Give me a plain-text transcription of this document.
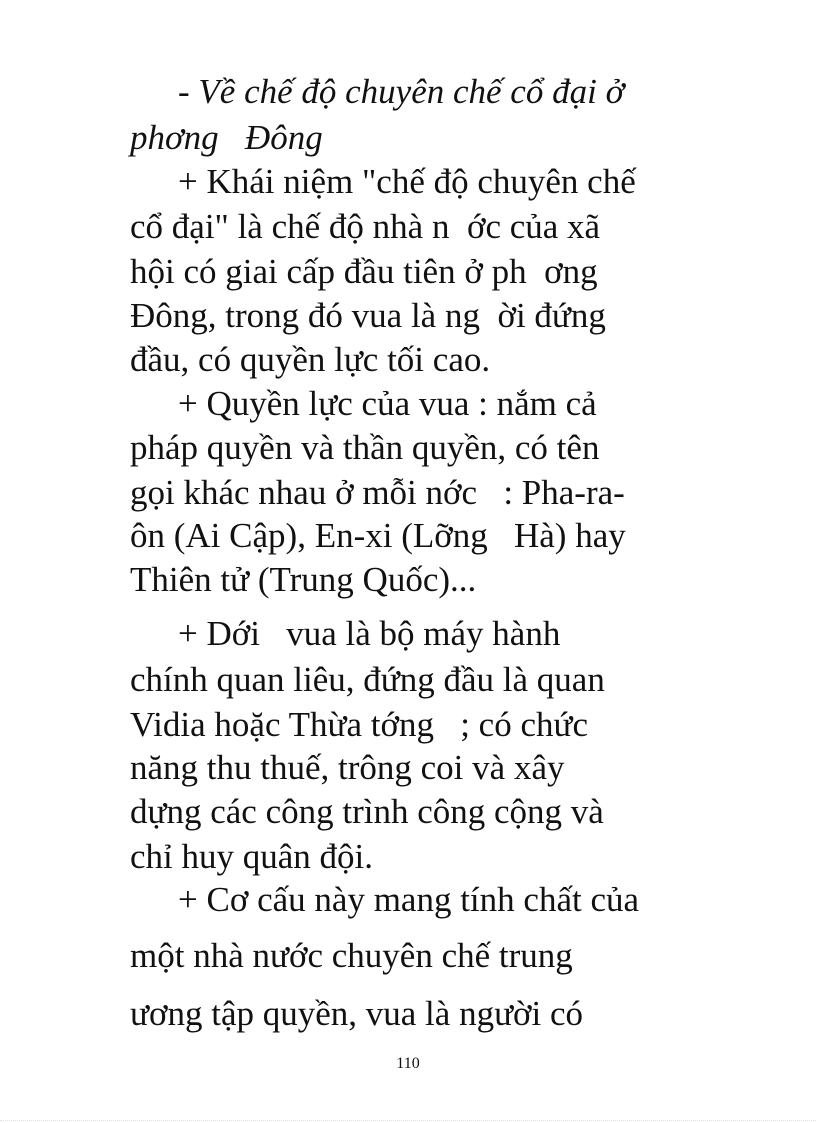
- Về chế độ chuyên chế cổ đại ở
phơng   Đông
+ Khái niệm "chế độ chuyên chế
cổ đại" là chế độ nhà n  ớc của xã
hội có giai cấp đầu tiên ở ph  ơng
Đông, trong đó vua là ng  ời đứng
đầu, có quyền lực tối cao.
+ Quyền lực của vua : nắm cả
pháp quyền và thần quyền, có tên
gọi khác nhau ở mỗi nớc   : Pha-ra-
ôn (Ai Cập), En-xi (Lỡng   Hà) hay
Thiên tử (Trung Quốc)...
+ Dới   vua là bộ máy hành
chính quan liêu, đứng đầu là quan
Vidia hoặc Thừa tớng   ; có chức
năng thu thuế, trông coi và xây
dựng các công trình công cộng và
chỉ huy quân đội.
+ Cơ cấu này mang tính chất của
một nhà nước chuyên chế trung
ương tập quyền, vua là người có
110
